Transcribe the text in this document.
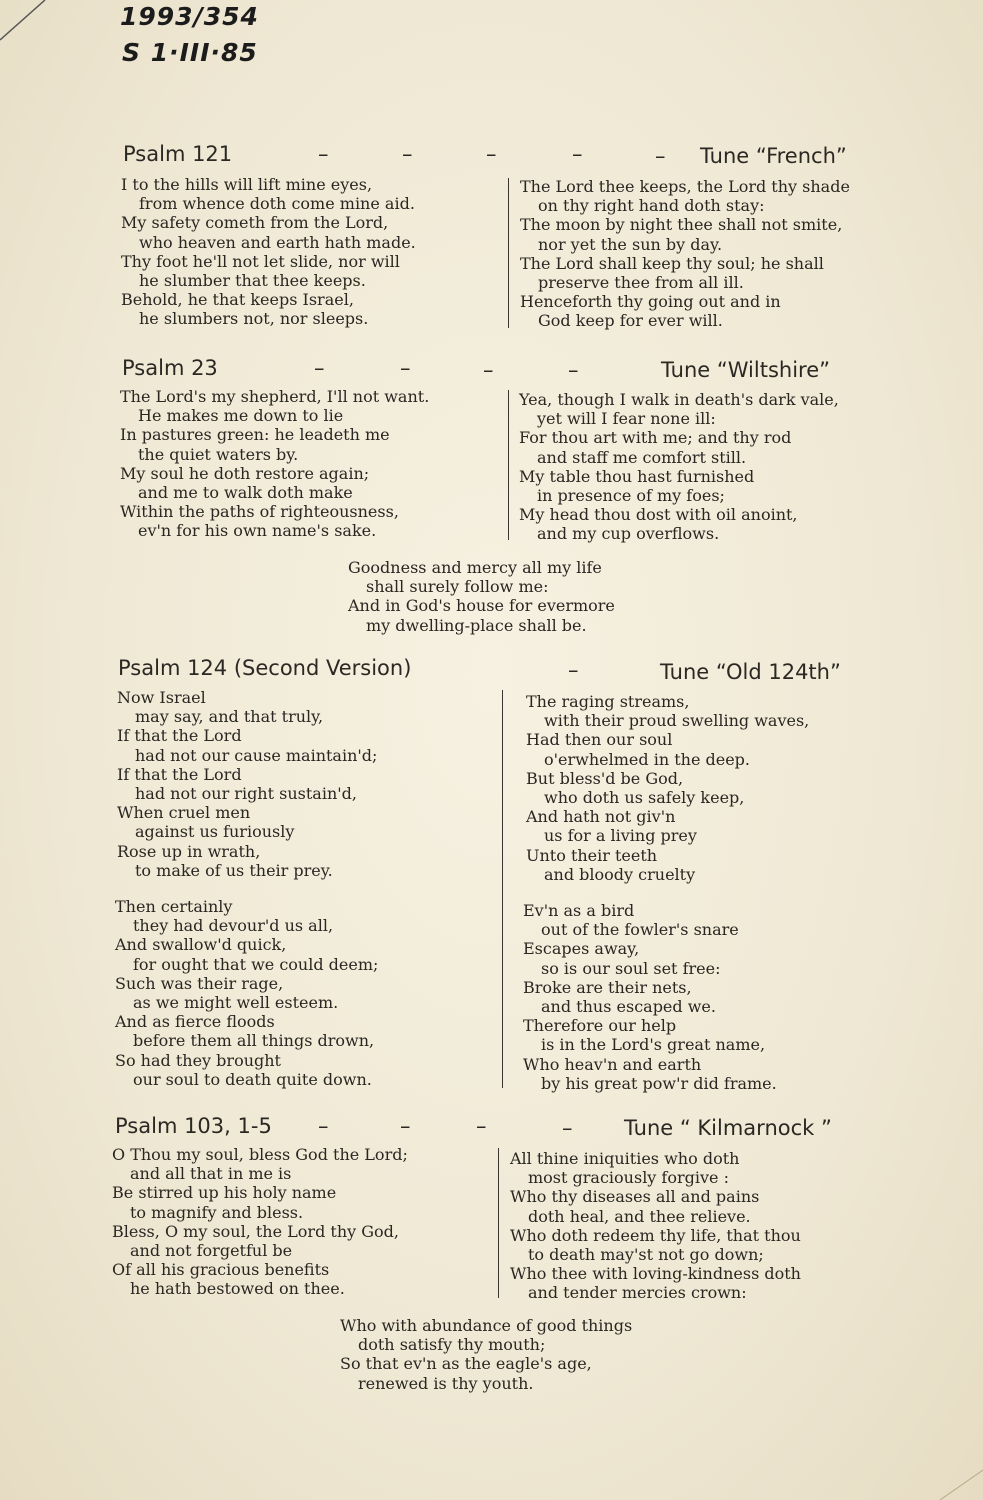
1993/354
S 1·III·85
Psalm 121	–	–	–	–	– Tune “French”
I to the hills will lift mine eyes,
from whence doth come mine aid.
My safety cometh from the Lord,
who heaven and earth hath made.
Thy foot he'll not let slide, nor will
he slumber that thee keeps.
Behold, he that keeps Israel,
he slumbers not, nor sleeps.
The Lord thee keeps, the Lord thy shade
on thy right hand doth stay:
The moon by night thee shall not smite,
nor yet the sun by day.
The Lord shall keep thy soul; he shall
preserve thee from all ill.
Henceforth thy going out and in
God keep for ever will.
Psalm 23	–	–	–	–	Tune “Wiltshire”
The Lord's my shepherd, I'll not want.
He makes me down to lie
In pastures green: he leadeth me
the quiet waters by.
My soul he doth restore again;
and me to walk doth make
Within the paths of righteousness,
ev'n for his own name's sake.
Yea, though I walk in death's dark vale,
yet will I fear none ill:
For thou art with me; and thy rod
and staff me comfort still.
My table thou hast furnished
in presence of my foes;
My head thou dost with oil anoint,
and my cup overflows.
Goodness and mercy all my life
shall surely follow me:
And in God's house for evermore
my dwelling-place shall be.
Psalm 124 (Second Version)	–	Tune “Old 124th”
Now Israel
may say, and that truly,
If that the Lord
had not our cause maintain'd;
If that the Lord
had not our right sustain'd,
When cruel men
against us furiously
Rose up in wrath,
to make of us their prey.
The raging streams,
with their proud swelling waves,
Had then our soul
o'erwhelmed in the deep.
But bless'd be God,
who doth us safely keep,
And hath not giv'n
us for a living prey
Unto their teeth
and bloody cruelty
Then certainly
they had devour'd us all,
And swallow'd quick,
for ought that we could deem;
Such was their rage,
as we might well esteem.
And as fierce floods
before them all things drown,
So had they brought
our soul to death quite down.
Ev'n as a bird
out of the fowler's snare
Escapes away,
so is our soul set free:
Broke are their nets,
and thus escaped we.
Therefore our help
is in the Lord's great name,
Who heav'n and earth
by his great pow'r did frame.
Psalm 103, 1-5 –	–	–	– Tune “ Kilmarnock ”
O Thou my soul, bless God the Lord;
and all that in me is
Be stirred up his holy name
to magnify and bless.
Bless, O my soul, the Lord thy God,
and not forgetful be
Of all his gracious benefits
he hath bestowed on thee.
All thine iniquities who doth
most graciously forgive :
Who thy diseases all and pains
doth heal, and thee relieve.
Who doth redeem thy life, that thou
to death may'st not go down;
Who thee with loving-kindness doth
and tender mercies crown:
Who with abundance of good things
doth satisfy thy mouth;
So that ev'n as the eagle's age,
renewed is thy youth.
